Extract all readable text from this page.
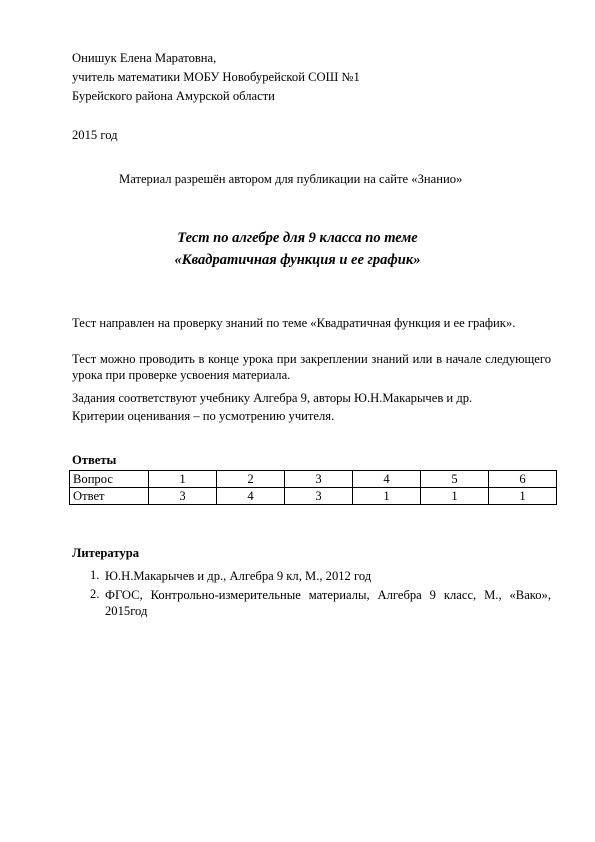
Онишук Елена Маратовна,
учитель математики МОБУ Новобурейской СОШ №1
Бурейского района Амурской области
2015 год
Материал разрешён автором для публикации на сайте «Знанио»
Тест по алгебре для 9 класса по теме
«Квадратичная функция и ее график»
Тест направлен на проверку знаний по теме «Квадратичная функция и ее график».
Тест можно проводить в конце урока при закреплении знаний или в начале следующего урока при проверке усвоения материала.
Задания соответствуют учебнику Алгебра 9, авторы Ю.Н.Макарычев и др.
Критерии оценивания – по усмотрению учителя.
Ответы
Вопрос	1	2	3	4	5	6
Ответ	3	4	3	1	1	1
Литература
1. Ю.Н.Макарычев и др., Алгебра 9 кл, М., 2012 год
2. ФГОС, Контрольно-измерительные материалы, Алгебра 9 класс, М., «Вако», 2015год
